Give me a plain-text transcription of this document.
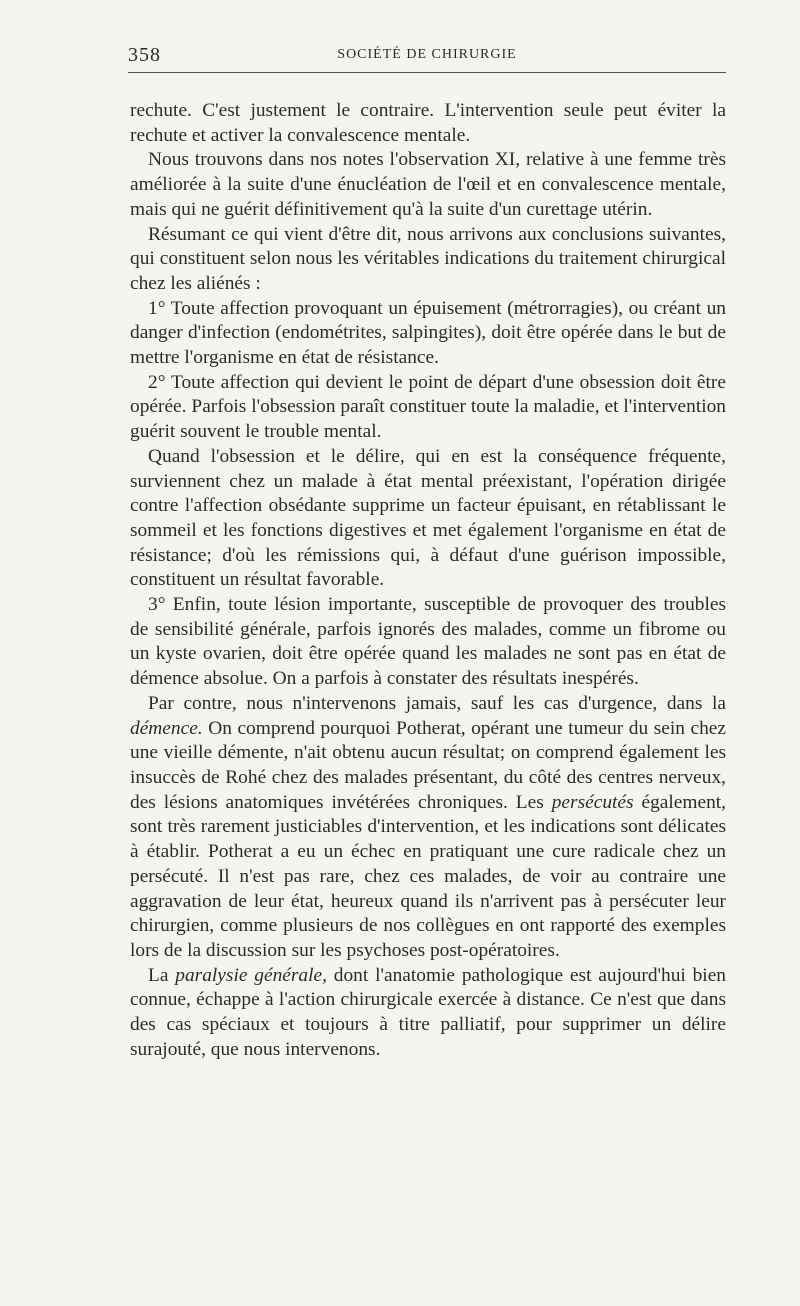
358	SOCIÉTÉ DE CHIRURGIE

rechute. C'est justement le contraire. L'intervention seule peut éviter la rechute et activer la convalescence mentale.

Nous trouvons dans nos notes l'observation XI, relative à une femme très améliorée à la suite d'une énucléation de l'œil et en convalescence mentale, mais qui ne guérit définitivement qu'à la suite d'un curettage utérin.

Résumant ce qui vient d'être dit, nous arrivons aux conclusions suivantes, qui constituent selon nous les véritables indications du traitement chirurgical chez les aliénés :

1° Toute affection provoquant un épuisement (métrorragies), ou créant un danger d'infection (endométrites, salpingites), doit être opérée dans le but de mettre l'organisme en état de résistance.

2° Toute affection qui devient le point de départ d'une obsession doit être opérée. Parfois l'obsession paraît constituer toute la maladie, et l'intervention guérit souvent le trouble mental.

Quand l'obsession et le délire, qui en est la conséquence fréquente, surviennent chez un malade à état mental préexistant, l'opération dirigée contre l'affection obsédante supprime un facteur épuisant, en rétablissant le sommeil et les fonctions digestives et met également l'organisme en état de résistance; d'où les rémissions qui, à défaut d'une guérison impossible, constituent un résultat favorable.

3° Enfin, toute lésion importante, susceptible de provoquer des troubles de sensibilité générale, parfois ignorés des malades, comme un fibrome ou un kyste ovarien, doit être opérée quand les malades ne sont pas en état de démence absolue. On a parfois à constater des résultats inespérés.

Par contre, nous n'intervenons jamais, sauf les cas d'urgence, dans la démence. On comprend pourquoi Potherat, opérant une tumeur du sein chez une vieille démente, n'ait obtenu aucun résultat; on comprend également les insuccès de Rohé chez des malades présentant, du côté des centres nerveux, des lésions anatomiques invétérées chroniques. Les persécutés également, sont très rarement justiciables d'intervention, et les indications sont délicates à établir. Potherat a eu un échec en pratiquant une cure radicale chez un persécuté. Il n'est pas rare, chez ces malades, de voir au contraire une aggravation de leur état, heureux quand ils n'arrivent pas à persécuter leur chirurgien, comme plusieurs de nos collègues en ont rapporté des exemples lors de la discussion sur les psychoses post-opératoires.

La paralysie générale, dont l'anatomie pathologique est aujourd'hui bien connue, échappe à l'action chirurgicale exercée à distance. Ce n'est que dans des cas spéciaux et toujours à titre palliatif, pour supprimer un délire surajouté, que nous intervenons.
